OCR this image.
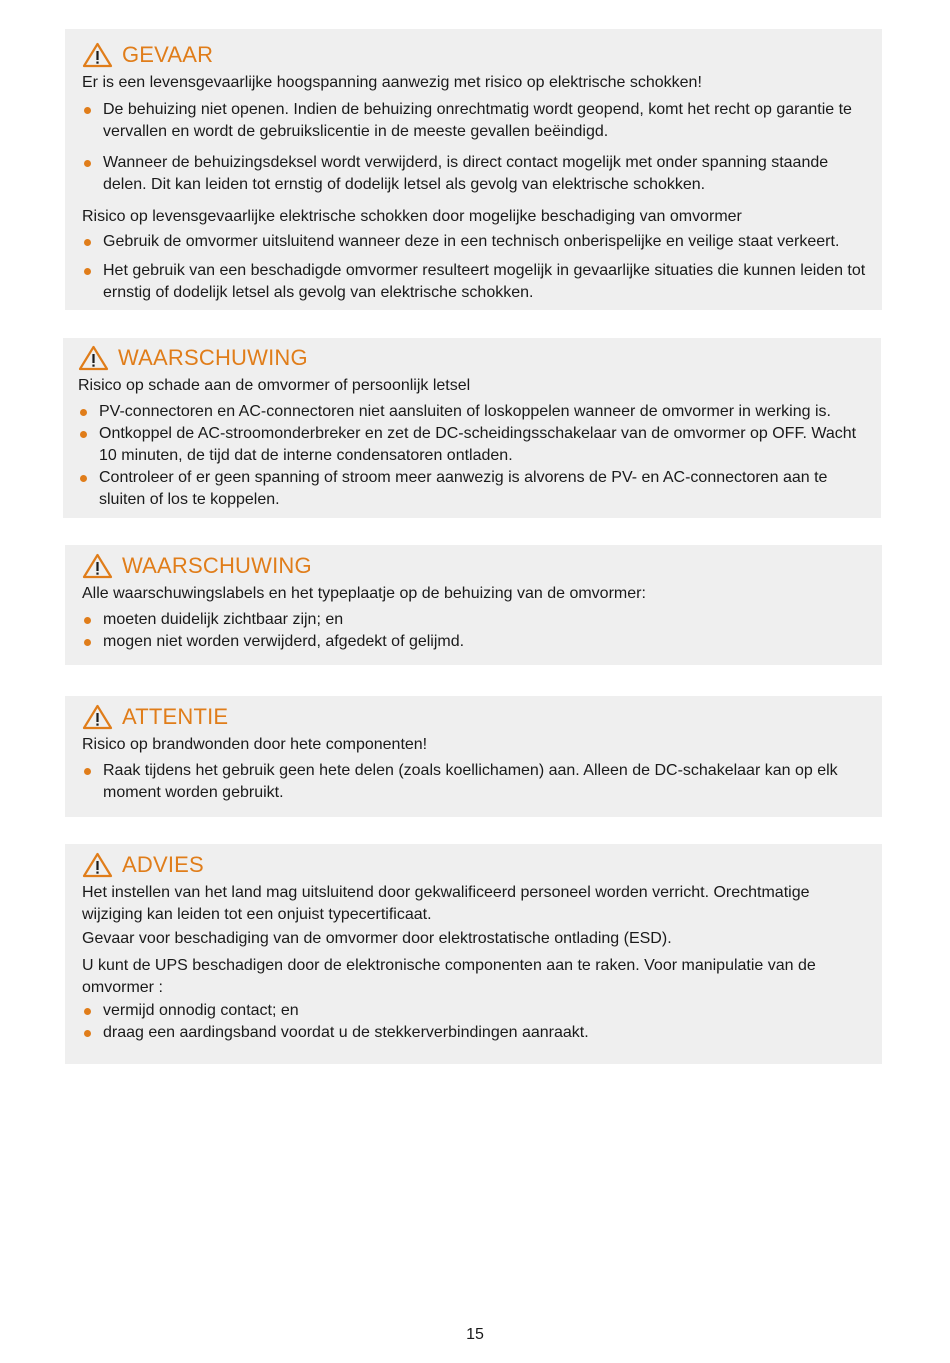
GEVAAR

Er is een levensgevaarlijke hoogspanning aanwezig met risico op elektrische schokken!

De behuizing niet openen. Indien de behuizing onrechtmatig wordt geopend, komt het recht op garantie te vervallen en wordt de gebruikslicentie in de meeste gevallen beëindigd.
Wanneer de behuizingsdeksel wordt verwijderd, is direct contact mogelijk met onder spanning staande delen. Dit kan leiden tot ernstig of dodelijk letsel als gevolg van elektrische schokken.

Risico op levensgevaarlijke elektrische schokken door mogelijke beschadiging van omvormer

Gebruik de omvormer uitsluitend wanneer deze in een technisch onberispelijke en veilige staat verkeert.
Het gebruik van een beschadigde omvormer resulteert mogelijk in gevaarlijke situaties die kunnen leiden tot ernstig of dodelijk letsel als gevolg van elektrische schokken.
WAARSCHUWING

Risico op schade aan de omvormer of persoonlijk letsel

PV-connectoren en AC-connectoren niet aansluiten of loskoppelen wanneer de omvormer in werking is.
Ontkoppel de AC-stroomonderbreker en zet de DC-scheidingsschakelaar van de omvormer op OFF. Wacht 10 minuten, de tijd dat de interne condensatoren ontladen.
Controleer of er geen spanning of stroom meer aanwezig is alvorens de PV- en AC-connectoren aan te sluiten of los te koppelen.
WAARSCHUWING

Alle waarschuwingslabels en het typeplaatje op de behuizing van de omvormer:

moeten duidelijk zichtbaar zijn; en
mogen niet worden verwijderd, afgedekt of gelijmd.
ATTENTIE

Risico op brandwonden door hete componenten!

Raak tijdens het gebruik geen hete delen (zoals koellichamen) aan. Alleen de DC-schakelaar kan op elk moment worden gebruikt.
ADVIES

Het instellen van het land mag uitsluitend door gekwalificeerd personeel worden verricht. Orechtmatige wijziging kan leiden tot een onjuist typecertificaat.

Gevaar voor beschadiging van de omvormer door elektrostatische ontlading (ESD).

U kunt de UPS beschadigen door de elektronische componenten aan te raken. Voor manipulatie van de omvormer :

vermijd onnodig contact; en
draag een aardingsband voordat u de stekkerverbindingen aanraakt.
15
